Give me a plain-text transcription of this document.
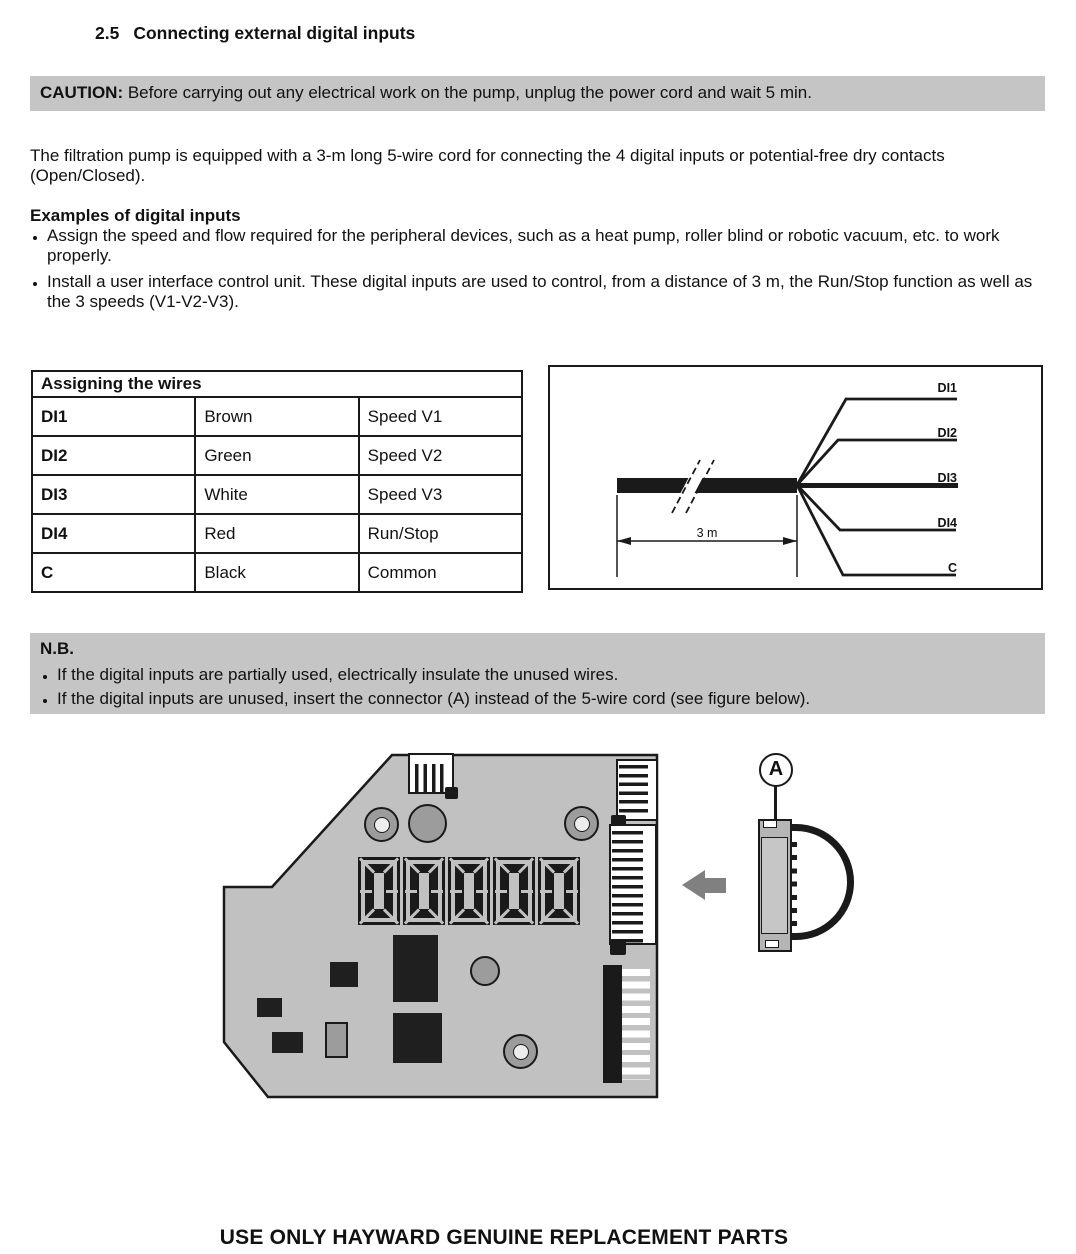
2.5 Connecting external digital inputs
CAUTION: Before carrying out any electrical work on the pump, unplug the power cord and wait 5 min.
The filtration pump is equipped with a 3-m long 5-wire cord for connecting the 4 digital inputs or potential-free dry contacts (Open/Closed).
Examples of digital inputs
• Assign the speed and flow required for the peripheral devices, such as a heat pump, roller blind or robotic vacuum, etc. to work properly.
• Install a user interface control unit. These digital inputs are used to control, from a distance of 3 m, the Run/Stop function as well as the 3 speeds (V1-V2-V3).
Assigning the wires		
DI1	Brown	Speed V1
DI2	Green	Speed V2
DI3	White	Speed V3
DI4	Red	Run/Stop
C	Black	Common
DI1
DI2
DI3
DI4
C
3 m
N.B.
• If the digital inputs are partially used, electrically insulate the unused wires.
• If the digital inputs are unused, insert the connector (A) instead of the 5-wire cord (see figure below).
A
USE ONLY HAYWARD GENUINE REPLACEMENT PARTS
